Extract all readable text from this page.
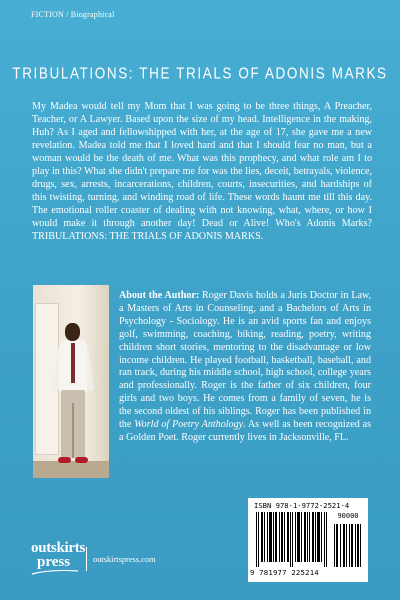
FICTION / Biographical
TRIBULATIONS: THE TRIALS OF ADONIS MARKS
My Madea would tell my Mom that I was going to be three things, A Preacher, Teacher, or A Lawyer. Based upon the size of my head. Intelligence in the making, Huh? As I aged and fellowshipped with her, at the age of 17, she gave me a new revelation. Madea told me that I loved hard and that I should fear no man, but a woman would be the death of me. What was this prophecy, and what role am I to play in this? What she didn't prepare me for was the lies, deceit, betrayals, violence, drugs, sex, arrests, incarcerations, children, courts, insecurities, and hardships of this twisting, turning, and winding road of life. These words haunt me till this day. The emotional roller coaster of dealing with not knowing, what, where, or how I would make it through another day! Dead or Alive! Who's Adonis Marks? TRIBULATIONS: THE TRIALS OF ADONIS MARKS.
About the Author: Roger Davis holds a Juris Doctor in Law, a Masters of Arts in Counseling, and a Bachelors of Arts in Psychology - Sociology. He is an avid sports fan and enjoys golf, swimming, coaching, biking, reading, poetry, writing children short stories, mentoring to the disadvantage or low income children. He played football, basketball, baseball, and ran track, during his middle school, high school, college years and professionally. Roger is the father of six children, four girls and two boys. He comes from a family of seven, he is the second oldest of his siblings. Roger has been published in the World of Poetry Anthology. As well as been recognized as a Golden Poet. Roger currently lives in Jacksonville, FL.
ISBN 978-1-9772-2521-4
90000
9 781977 225214
outskirts
press	outskirtspress.com
